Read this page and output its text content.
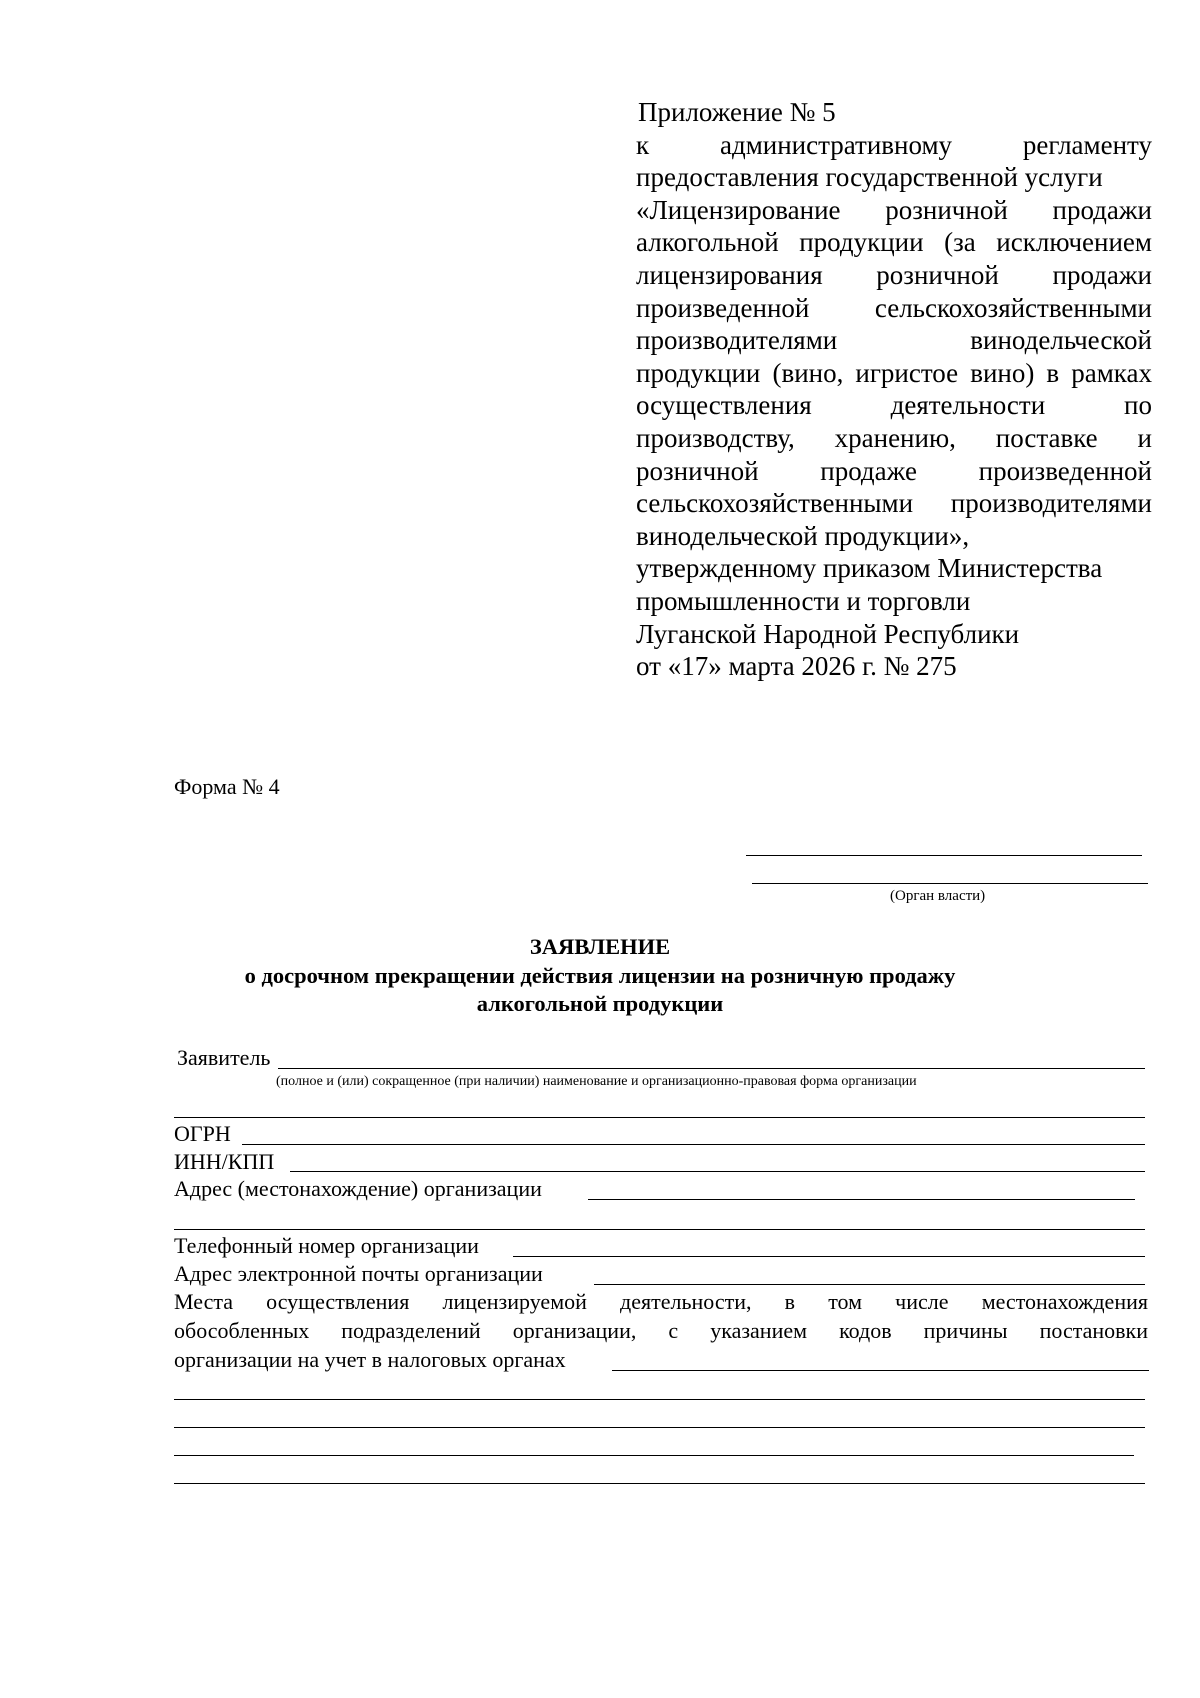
Приложение № 5
к административному регламенту
предоставления государственной услуги
«Лицензирование розничной продажи
алкогольной продукции (за исключением
лицензирования розничной продажи
произведенной сельскохозяйственными
производителями винодельческой
продукции (вино, игристое вино) в рамках
осуществления деятельности по
производству, хранению, поставке и
розничной продаже произведенной
сельскохозяйственными производителями
винодельческой продукции»,
утвержденному приказом Министерства
промышленности и торговли
Луганской Народной Республики
от «17» марта 2026 г. № 275
Форма № 4
(Орган власти)
ЗАЯВЛЕНИЕ
о досрочном прекращении действия лицензии на розничную продажу
алкогольной продукции
Заявитель
(полное и (или) сокращенное (при наличии) наименование и организационно-правовая форма организации
ОГРН
ИНН/КПП
Адрес (местонахождение) организации
Телефонный номер организации
Адрес электронной почты организации
Места осуществления лицензируемой деятельности, в том числе местонахождения
обособленных подразделений организации, с указанием кодов причины постановки
организации на учет в налоговых органах
